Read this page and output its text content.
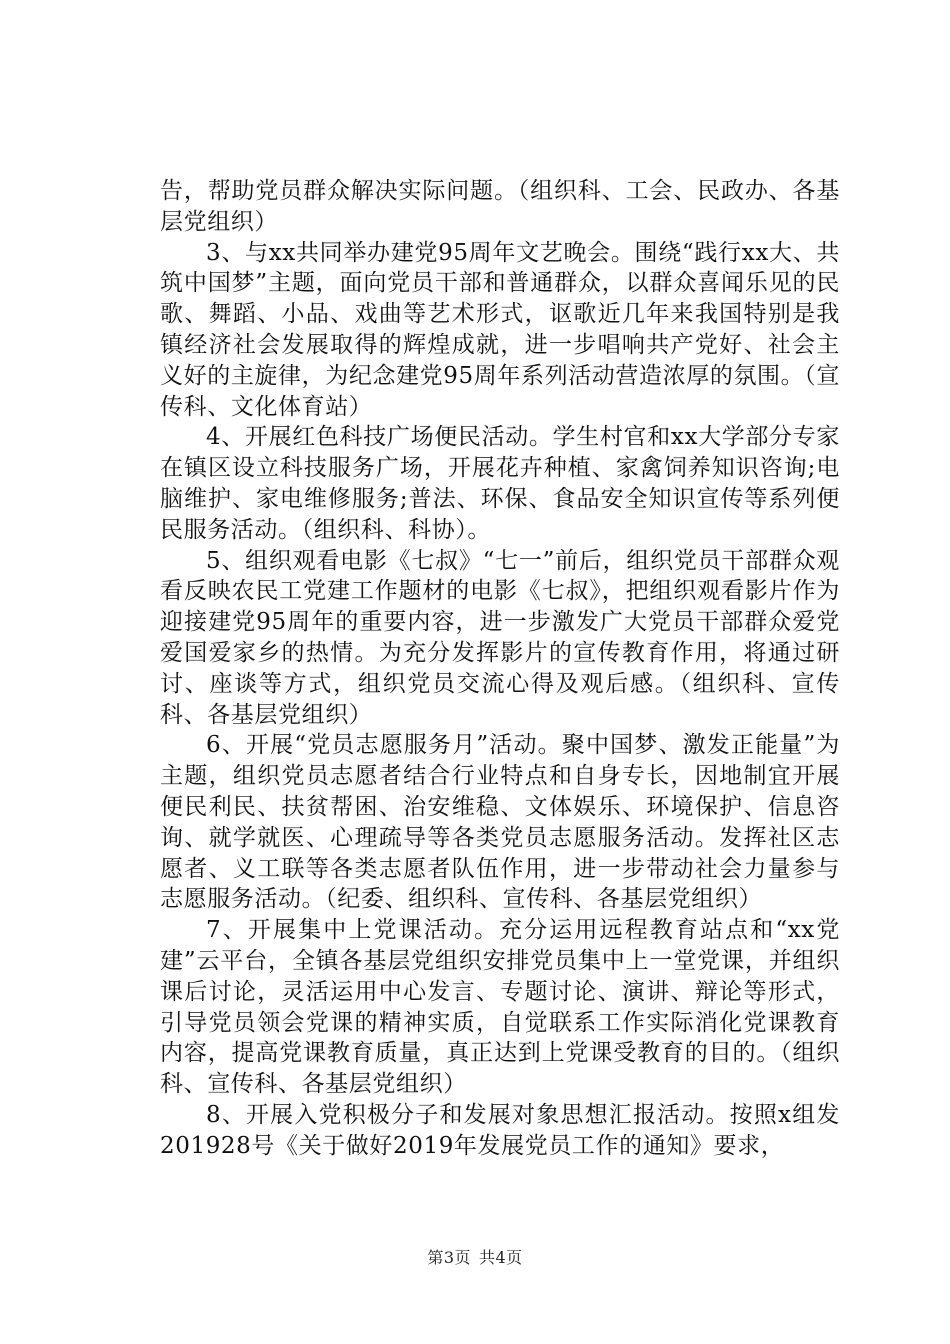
告，帮助党员群众解决实际问题。（组织科、工会、民政办、各基层党组织）

3、与xx共同举办建党95周年文艺晚会。围绕“践行xx大、共筑中国梦”主题，面向党员干部和普通群众，以群众喜闻乐见的民歌、舞蹈、小品、戏曲等艺术形式，讴歌近几年来我国特别是我镇经济社会发展取得的辉煌成就，进一步唱响共产党好、社会主义好的主旋律，为纪念建党95周年系列活动营造浓厚的氛围。（宣传科、文化体育站）

4、开展红色科技广场便民活动。学生村官和xx大学部分专家在镇区设立科技服务广场，开展花卉种植、家禽饲养知识咨询;电脑维护、家电维修服务;普法、环保、食品安全知识宣传等系列便民服务活动。（组织科、科协）。

5、组织观看电影《七叔》“七一”前后，组织党员干部群众观看反映农民工党建工作题材的电影《七叔》，把组织观看影片作为迎接建党95周年的重要内容，进一步激发广大党员干部群众爱党爱国爱家乡的热情。为充分发挥影片的宣传教育作用，将通过研讨、座谈等方式，组织党员交流心得及观后感。（组织科、宣传科、各基层党组织）

6、开展“党员志愿服务月”活动。聚中国梦、激发正能量”为主题，组织党员志愿者结合行业特点和自身专长，因地制宜开展便民利民、扶贫帮困、治安维稳、文体娱乐、环境保护、信息咨询、就学就医、心理疏导等各类党员志愿服务活动。发挥社区志愿者、义工联等各类志愿者队伍作用，进一步带动社会力量参与志愿服务活动。（纪委、组织科、宣传科、各基层党组织）

7、开展集中上党课活动。充分运用远程教育站点和“xx党建”云平台，全镇各基层党组织安排党员集中上一堂党课，并组织课后讨论，灵活运用中心发言、专题讨论、演讲、辩论等形式，引导党员领会党课的精神实质，自觉联系工作实际消化党课教育内容，提高党课教育质量，真正达到上党课受教育的目的。（组织科、宣传科、各基层党组织）

8、开展入党积极分子和发展对象思想汇报活动。按照x组发201928号《关于做好2019年发展党员工作的通知》要求，

第3页 共4页
